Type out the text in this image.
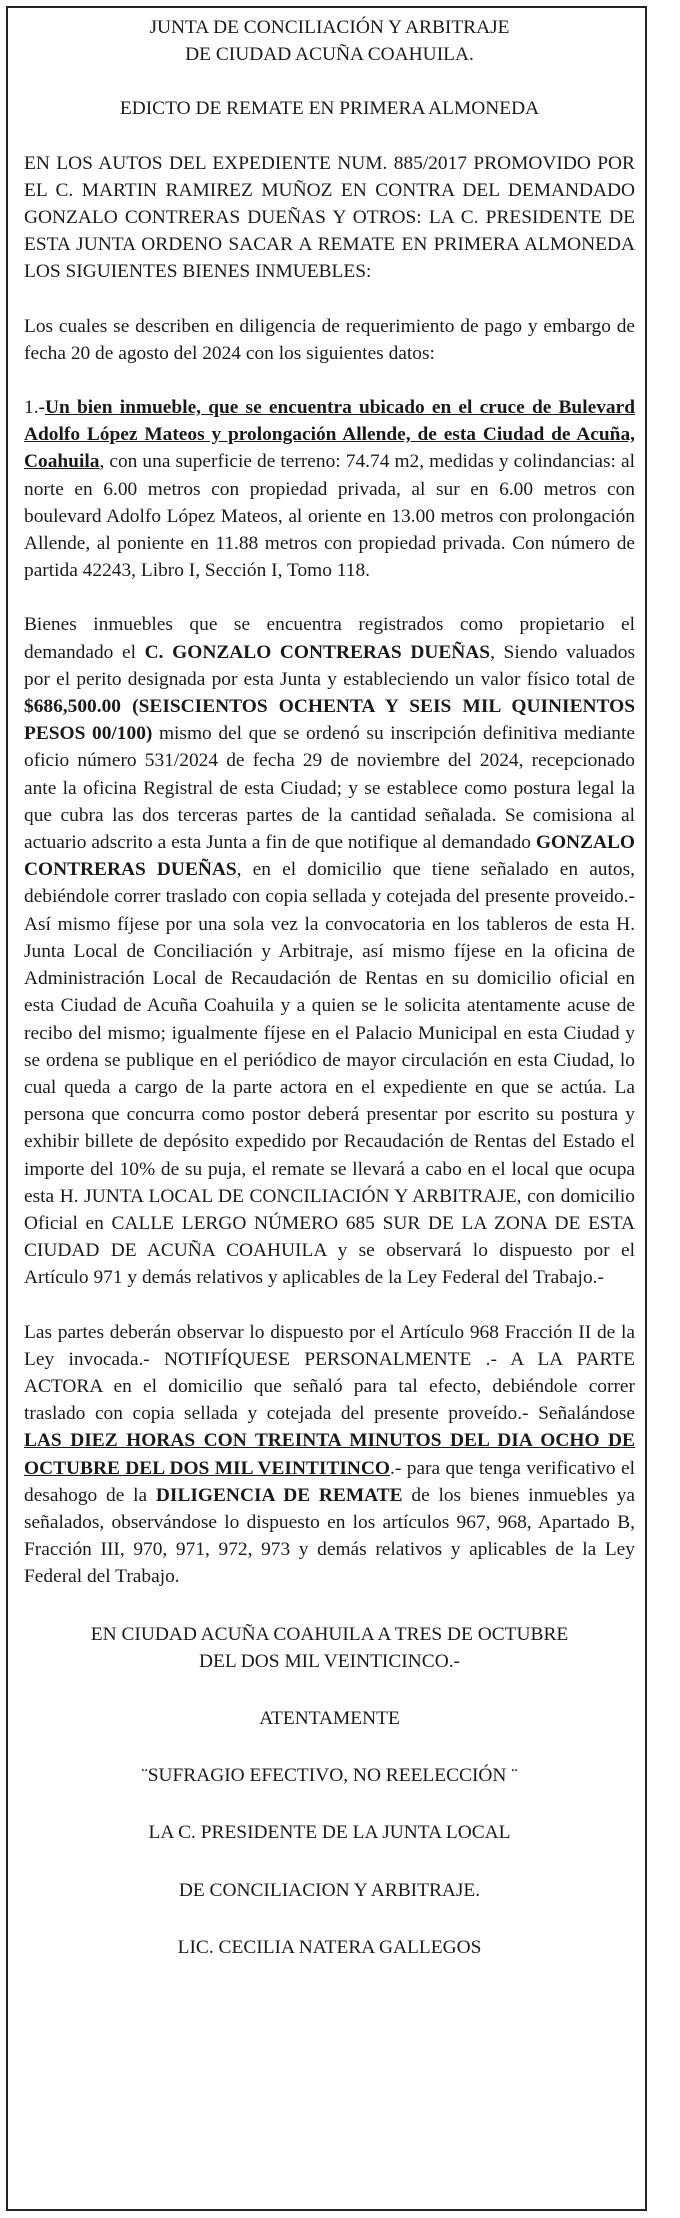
JUNTA DE CONCILIACIÓN Y ARBITRAJE

DE CIUDAD ACUÑA COAHUILA.

EDICTO DE REMATE EN PRIMERA ALMONEDA

EN LOS AUTOS DEL EXPEDIENTE NUM. 885/2017 PROMOVIDO POR EL C. MARTIN RAMIREZ MUÑOZ EN CONTRA DEL DEMANDADO GONZALO CONTRERAS DUEÑAS Y OTROS: LA C. PRESIDENTE DE ESTA JUNTA ORDENO SACAR A REMATE EN PRIMERA ALMONEDA LOS SIGUIENTES BIENES INMUEBLES:

Los cuales se describen en diligencia de requerimiento de pago y embargo de fecha 20 de agosto del 2024 con los siguientes datos:

1.-Un bien inmueble, que se encuentra ubicado en el cruce de Bulevard Adolfo López Mateos y prolongación Allende, de esta Ciudad de Acuña, Coahuila, con una superficie de terreno: 74.74 m2, medidas y colindancias: al norte en 6.00 metros con propiedad privada, al sur en 6.00 metros con boulevard Adolfo López Mateos, al oriente en 13.00 metros con prolongación Allende, al poniente en 11.88 metros con propiedad privada. Con número de partida 42243, Libro I, Sección I, Tomo 118.

Bienes inmuebles que se encuentra registrados como propietario el demandado el C. GONZALO CONTRERAS DUEÑAS, Siendo valuados por el perito designada por esta Junta y estableciendo un valor físico total de $686,500.00 (SEISCIENTOS OCHENTA Y SEIS MIL QUINIENTOS PESOS 00/100) mismo del que se ordenó su inscripción definitiva mediante oficio número 531/2024 de fecha 29 de noviembre del 2024, recepcionado ante la oficina Registral de esta Ciudad; y se establece como postura legal la que cubra las dos terceras partes de la cantidad señalada. Se comisiona al actuario adscrito a esta Junta a fin de que notifique al demandado GONZALO CONTRERAS DUEÑAS, en el domicilio que tiene señalado en autos, debiéndole correr traslado con copia sellada y cotejada del presente proveido.- Así mismo fíjese por una sola vez la convocatoria en los tableros de esta H. Junta Local de Conciliación y Arbitraje, así mismo fíjese en la oficina de Administración Local de Recaudación de Rentas en su domicilio oficial en esta Ciudad de Acuña Coahuila y a quien se le solicita atentamente acuse de recibo del mismo; igualmente fíjese en el Palacio Municipal en esta Ciudad y se ordena se publique en el periódico de mayor circulación en esta Ciudad, lo cual queda a cargo de la parte actora en el expediente en que se actúa. La persona que concurra como postor deberá presentar por escrito su postura y exhibir billete de depósito expedido por Recaudación de Rentas del Estado el importe del 10% de su puja, el remate se llevará a cabo en el local que ocupa esta H. JUNTA LOCAL DE CONCILIACIÓN Y ARBITRAJE, con domicilio Oficial en CALLE LERGO NÚMERO 685 SUR DE LA ZONA DE ESTA CIUDAD DE ACUÑA COAHUILA y se observará lo dispuesto por el Artículo 971 y demás relativos y aplicables de la Ley Federal del Trabajo.-

Las partes deberán observar lo dispuesto por el Artículo 968 Fracción II de la Ley invocada.- NOTIFÍQUESE PERSONALMENTE .- A LA PARTE ACTORA en el domicilio que señaló para tal efecto, debiéndole correr traslado con copia sellada y cotejada del presente proveído.- Señalándose LAS DIEZ HORAS CON TREINTA MINUTOS DEL DIA OCHO DE OCTUBRE DEL DOS MIL VEINTITINCO.- para que tenga verificativo el desahogo de la DILIGENCIA DE REMATE de los bienes inmuebles ya señalados, observándose lo dispuesto en los artículos 967, 968, Apartado B, Fracción III, 970, 971, 972, 973 y demás relativos y aplicables de la Ley Federal del Trabajo.

EN CIUDAD ACUÑA COAHUILA A TRES DE OCTUBRE

DEL DOS MIL VEINTICINCO.-

ATENTAMENTE

¨SUFRAGIO EFECTIVO, NO REELECCIÓN ¨

LA C. PRESIDENTE DE LA JUNTA LOCAL

DE CONCILIACION Y ARBITRAJE.

LIC. CECILIA NATERA GALLEGOS
